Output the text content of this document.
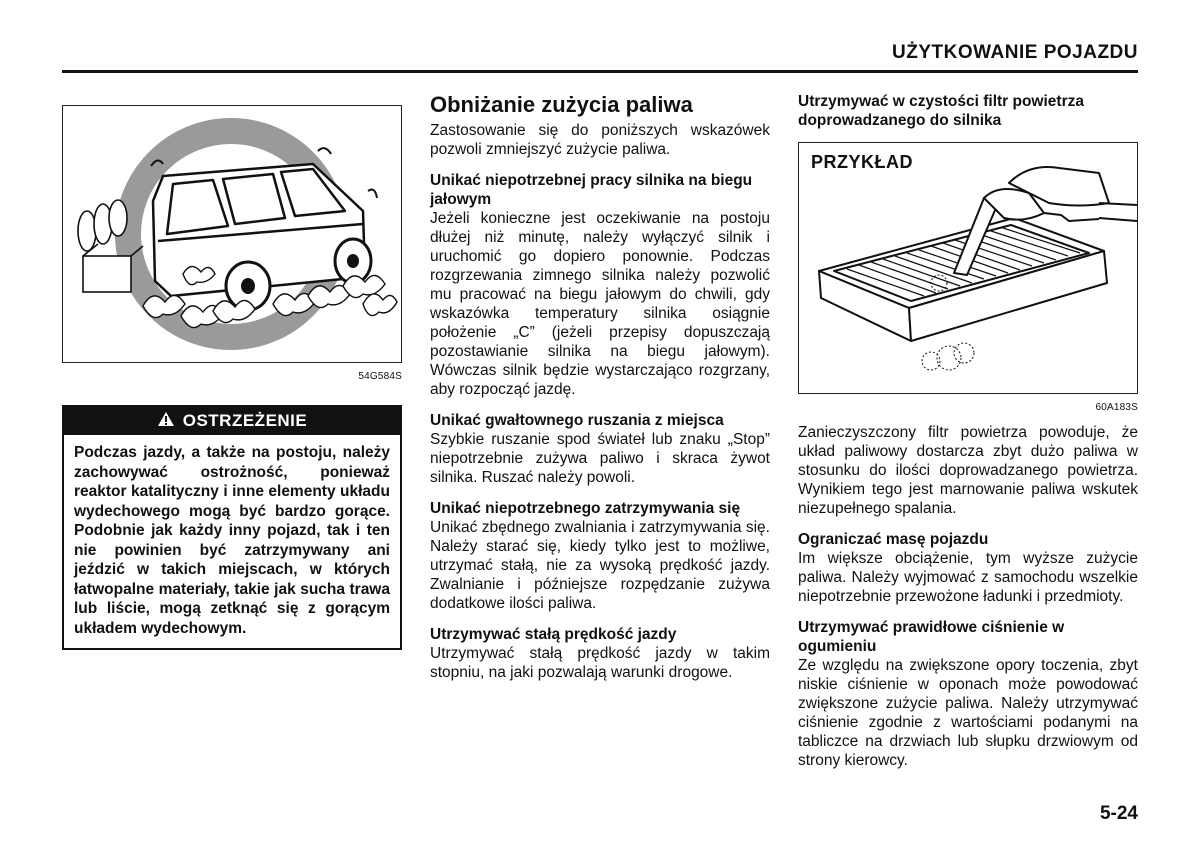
UŻYTKOWANIE POJAZDU
54G584S
OSTRZEŻENIE
Podczas jazdy, a także na postoju, należy zachowywać ostrożność, ponieważ reaktor katalityczny i inne elementy układu wydechowego mogą być bardzo gorące. Podobnie jak każdy inny pojazd, tak i ten nie powinien być zatrzymywany ani jeździć w takich miejscach, w których łatwopalne materiały, takie jak sucha trawa lub liście, mogą zetknąć się z gorącym układem wydechowym.
Obniżanie zużycia paliwa

Zastosowanie się do poniższych wskazówek pozwoli zmniejszyć zużycie paliwa.

Unikać niepotrzebnej pracy silnika na biegu jałowym

Jeżeli konieczne jest oczekiwanie na postoju dłużej niż minutę, należy wyłączyć silnik i uruchomić go dopiero ponownie. Podczas rozgrzewania zimnego silnika należy pozwolić mu pracować na biegu jałowym do chwili, gdy wskazówka temperatury silnika osiągnie położenie „C” (jeżeli przepisy dopuszczają pozostawianie silnika na biegu jałowym). Wówczas silnik będzie wystarczająco rozgrzany, aby rozpocząć jazdę.

Unikać gwałtownego ruszania z miejsca

Szybkie ruszanie spod świateł lub znaku „Stop” niepotrzebnie zużywa paliwo i skraca żywot silnika. Ruszać należy powoli.

Unikać niepotrzebnego zatrzymywania się

Unikać zbędnego zwalniania i zatrzymywania się. Należy starać się, kiedy tylko jest to możliwe, utrzymać stałą, nie za wysoką prędkość jazdy. Zwalnianie i późniejsze rozpędzanie zużywa dodatkowe ilości paliwa.

Utrzymywać stałą prędkość jazdy

Utrzymywać stałą prędkość jazdy w takim stopniu, na jaki pozwalają warunki drogowe.

Utrzymywać w czystości filtr powietrza doprowadzanego do silnika

PRZYKŁAD
60A183S

Zanieczyszczony filtr powietrza powoduje, że układ paliwowy dostarcza zbyt dużo paliwa w stosunku do ilości doprowadzanego powietrza. Wynikiem tego jest marnowanie paliwa wskutek niezupełnego spalania.

Ograniczać masę pojazdu

Im większe obciążenie, tym wyższe zużycie paliwa. Należy wyjmować z samochodu wszelkie niepotrzebnie przewożone ładunki i przedmioty.

Utrzymywać prawidłowe ciśnienie w ogumieniu

Ze względu na zwiększone opory toczenia, zbyt niskie ciśnienie w oponach może powodować zwiększone zużycie paliwa. Należy utrzymywać ciśnienie zgodnie z wartościami podanymi na tabliczce na drzwiach lub słupku drzwiowym od strony kierowcy.

5-24
